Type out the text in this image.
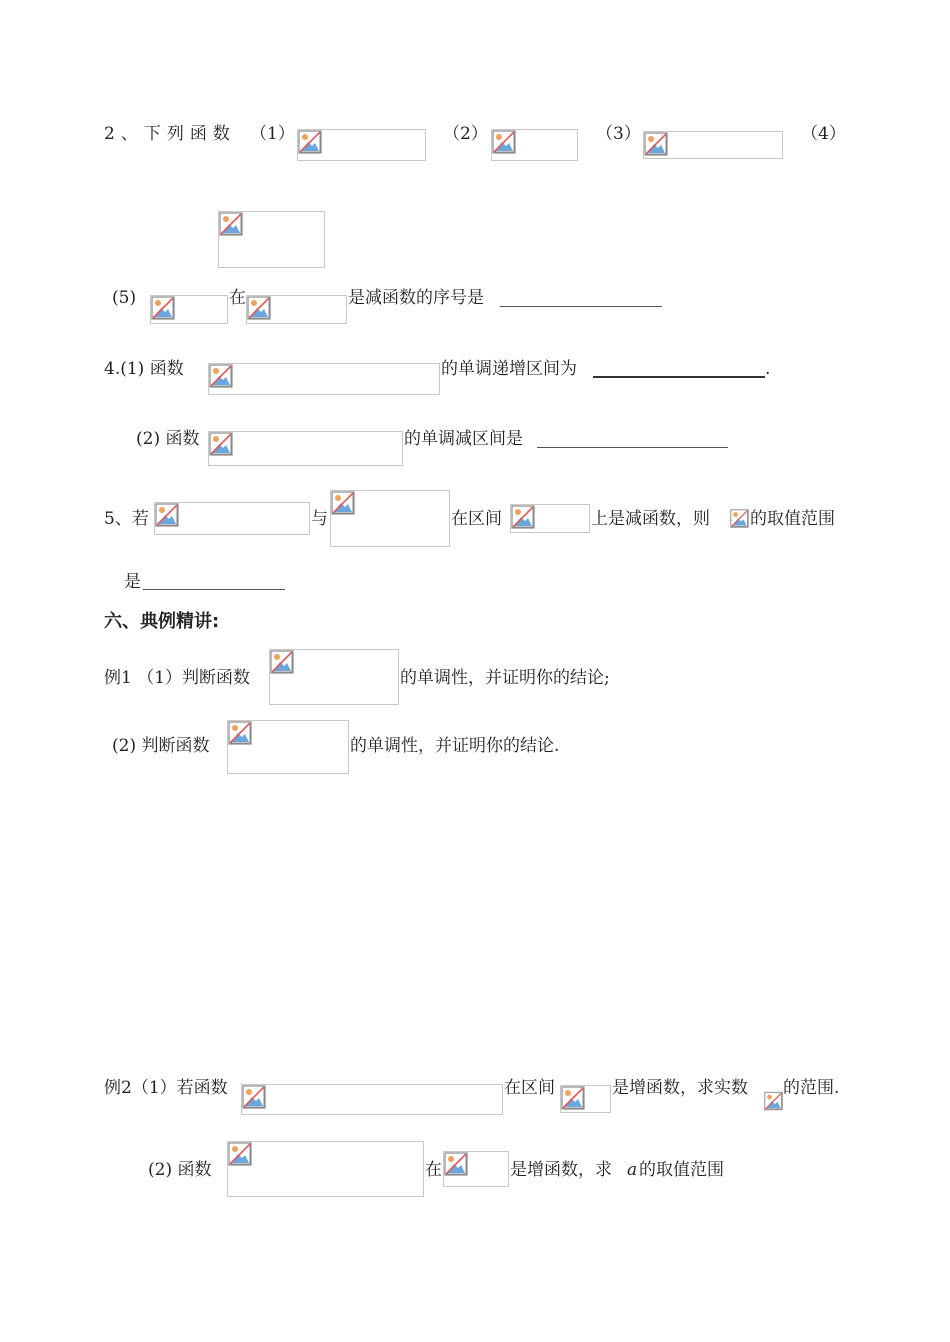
2、下列函数 （1）	（2）	（3）	（4）
(5)	在	是减函数的序号是
4.(1) 函数	的单调递增区间为	.
(2) 函数	的单调减区间是
5、若	与	在区间	上是减函数，则 的取值范围
是
六、典例精讲:
例1 （1）判断函数	的单调性，并证明你的结论;
(2) 判断函数	的单调性，并证明你的结论.
例2（1）若函数	在区间	是增函数，求实数 的范围.
(2) 函数	在	是增函数，求 a 的取值范围
